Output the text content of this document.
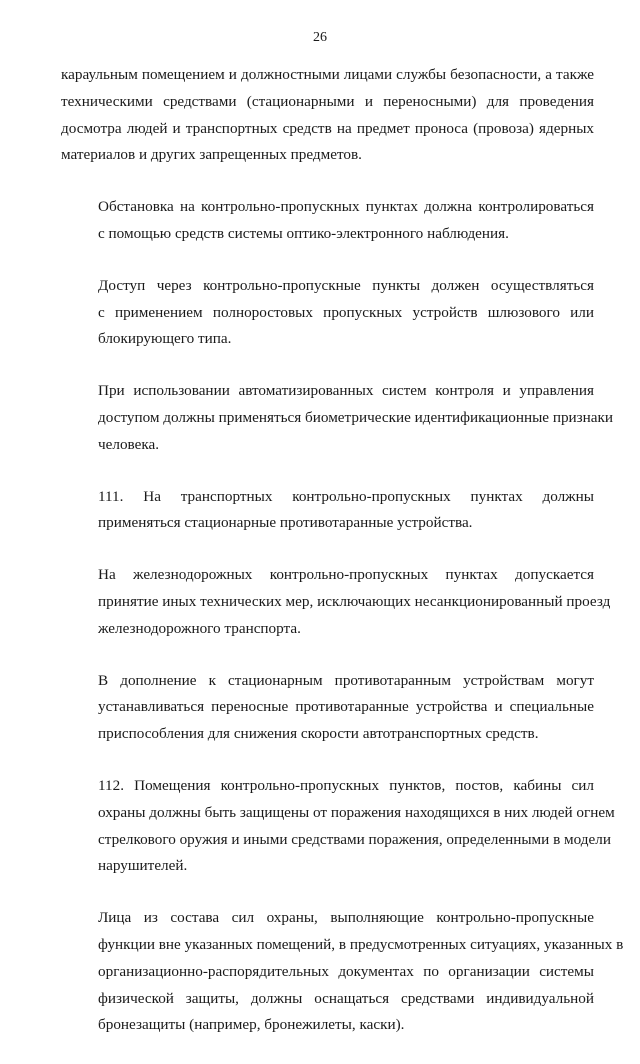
26

караульным помещением и должностными лицами службы безопасности, а также
техническими средствами (стационарными и переносными) для проведения
досмотра людей и транспортных средств на предмет проноса (провоза) ядерных
материалов и других запрещенных предметов.

Обстановка на контрольно-пропускных пунктах должна контролироваться
с помощью средств системы оптико-электронного наблюдения.

Доступ через контрольно-пропускные пункты должен осуществляться
с применением полноростовых пропускных устройств шлюзового или
блокирующего типа.

При использовании автоматизированных систем контроля и управления
доступом должны применяться биометрические идентификационные признаки
человека.

111. На транспортных контрольно-пропускных пунктах должны
применяться стационарные противотаранные устройства.

На железнодорожных контрольно-пропускных пунктах допускается
принятие иных технических мер, исключающих несанкционированный проезд
железнодорожного транспорта.

В дополнение к стационарным противотаранным устройствам могут
устанавливаться переносные противотаранные устройства и специальные
приспособления для снижения скорости автотранспортных средств.

112. Помещения контрольно-пропускных пунктов, постов, кабины сил
охраны должны быть защищены от поражения находящихся в них людей огнем
стрелкового оружия и иными средствами поражения, определенными в модели
нарушителей.

Лица из состава сил охраны, выполняющие контрольно-пропускные
функции вне указанных помещений, в предусмотренных ситуациях, указанных в
организационно-распорядительных документах по организации системы
физической защиты, должны оснащаться средствами индивидуальной
бронезащиты (например, бронежилеты, каски).
